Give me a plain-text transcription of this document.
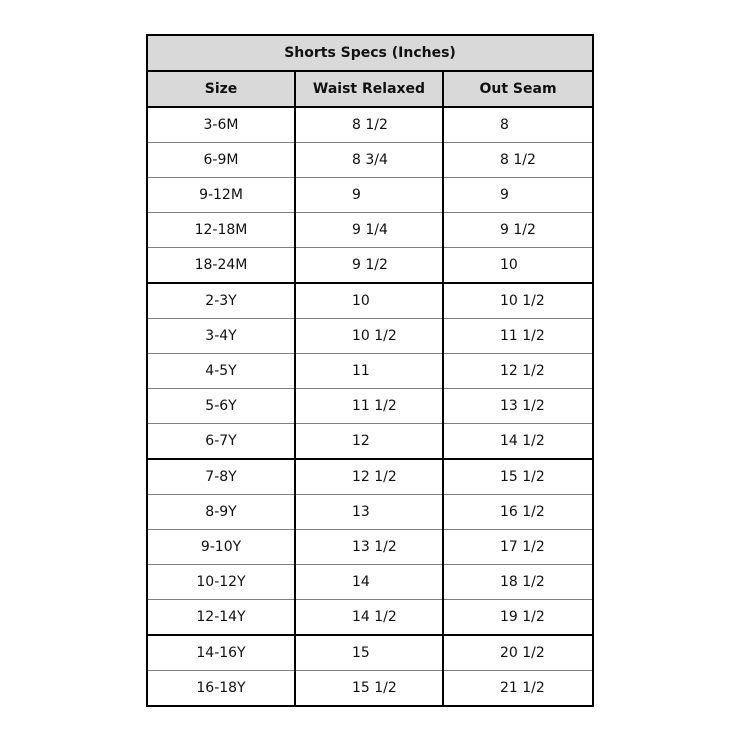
Shorts Specs (Inches)		
Size	Waist Relaxed	Out Seam
3-6M	8 1/2	8
6-9M	8 3/4	8 1/2
9-12M	9	9
12-18M	9 1/4	9 1/2
18-24M	9 1/2	10
2-3Y	10	10 1/2
3-4Y	10 1/2	11 1/2
4-5Y	11	12 1/2
5-6Y	11 1/2	13 1/2
6-7Y	12	14 1/2
7-8Y	12 1/2	15 1/2
8-9Y	13	16 1/2
9-10Y	13 1/2	17 1/2
10-12Y	14	18 1/2
12-14Y	14 1/2	19 1/2
14-16Y	15	20 1/2
16-18Y	15 1/2	21 1/2
